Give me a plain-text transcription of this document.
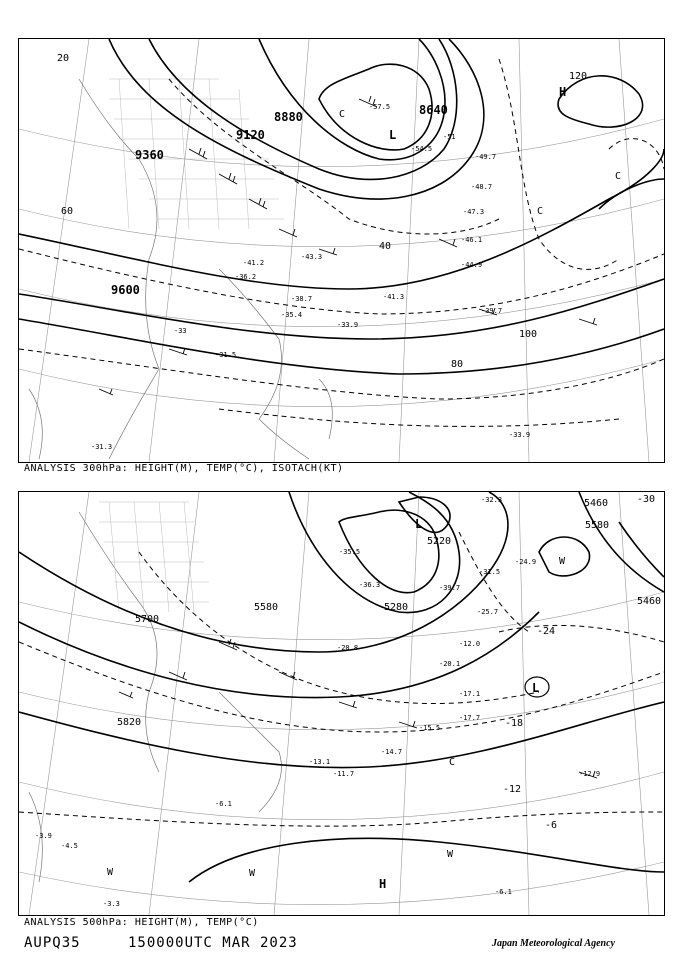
9600
9120
9360
8880	8640
20
40
60
80
100
120
L
C
C
C
H
-57.5
-54.5
-51
-49.7
-48.7
-47.3
-46.1
-44.9
-43.3
-41.2
-41.3
-39.7
-38.7
-36.2
-35.4
-33.9
-31.5
-31.3
-33
-33.9
ANALYSIS 300hPa: HEIGHT(M), TEMP(°C), ISOTACH(KT)
5220
5280
5580
5460
5700
5580
5820
5460
-30
-24
-18
-12
-6
L
L
H
C
W	W
W
W
-39.7
-36.3
-35.5
-32.3
-31.5
-25.7
-24.9
-20.8
-20.1
-17.1
-17.7
-15.5
-14.7
-13.1
-12.9
-12.0
-11.7
-6.1
-4.5
-3.9
-3.3
-6.1
ANALYSIS 500hPa: HEIGHT(M), TEMP(°C)
AUPQ35	150000UTC MAR 2023	Japan Meteorological Agency
